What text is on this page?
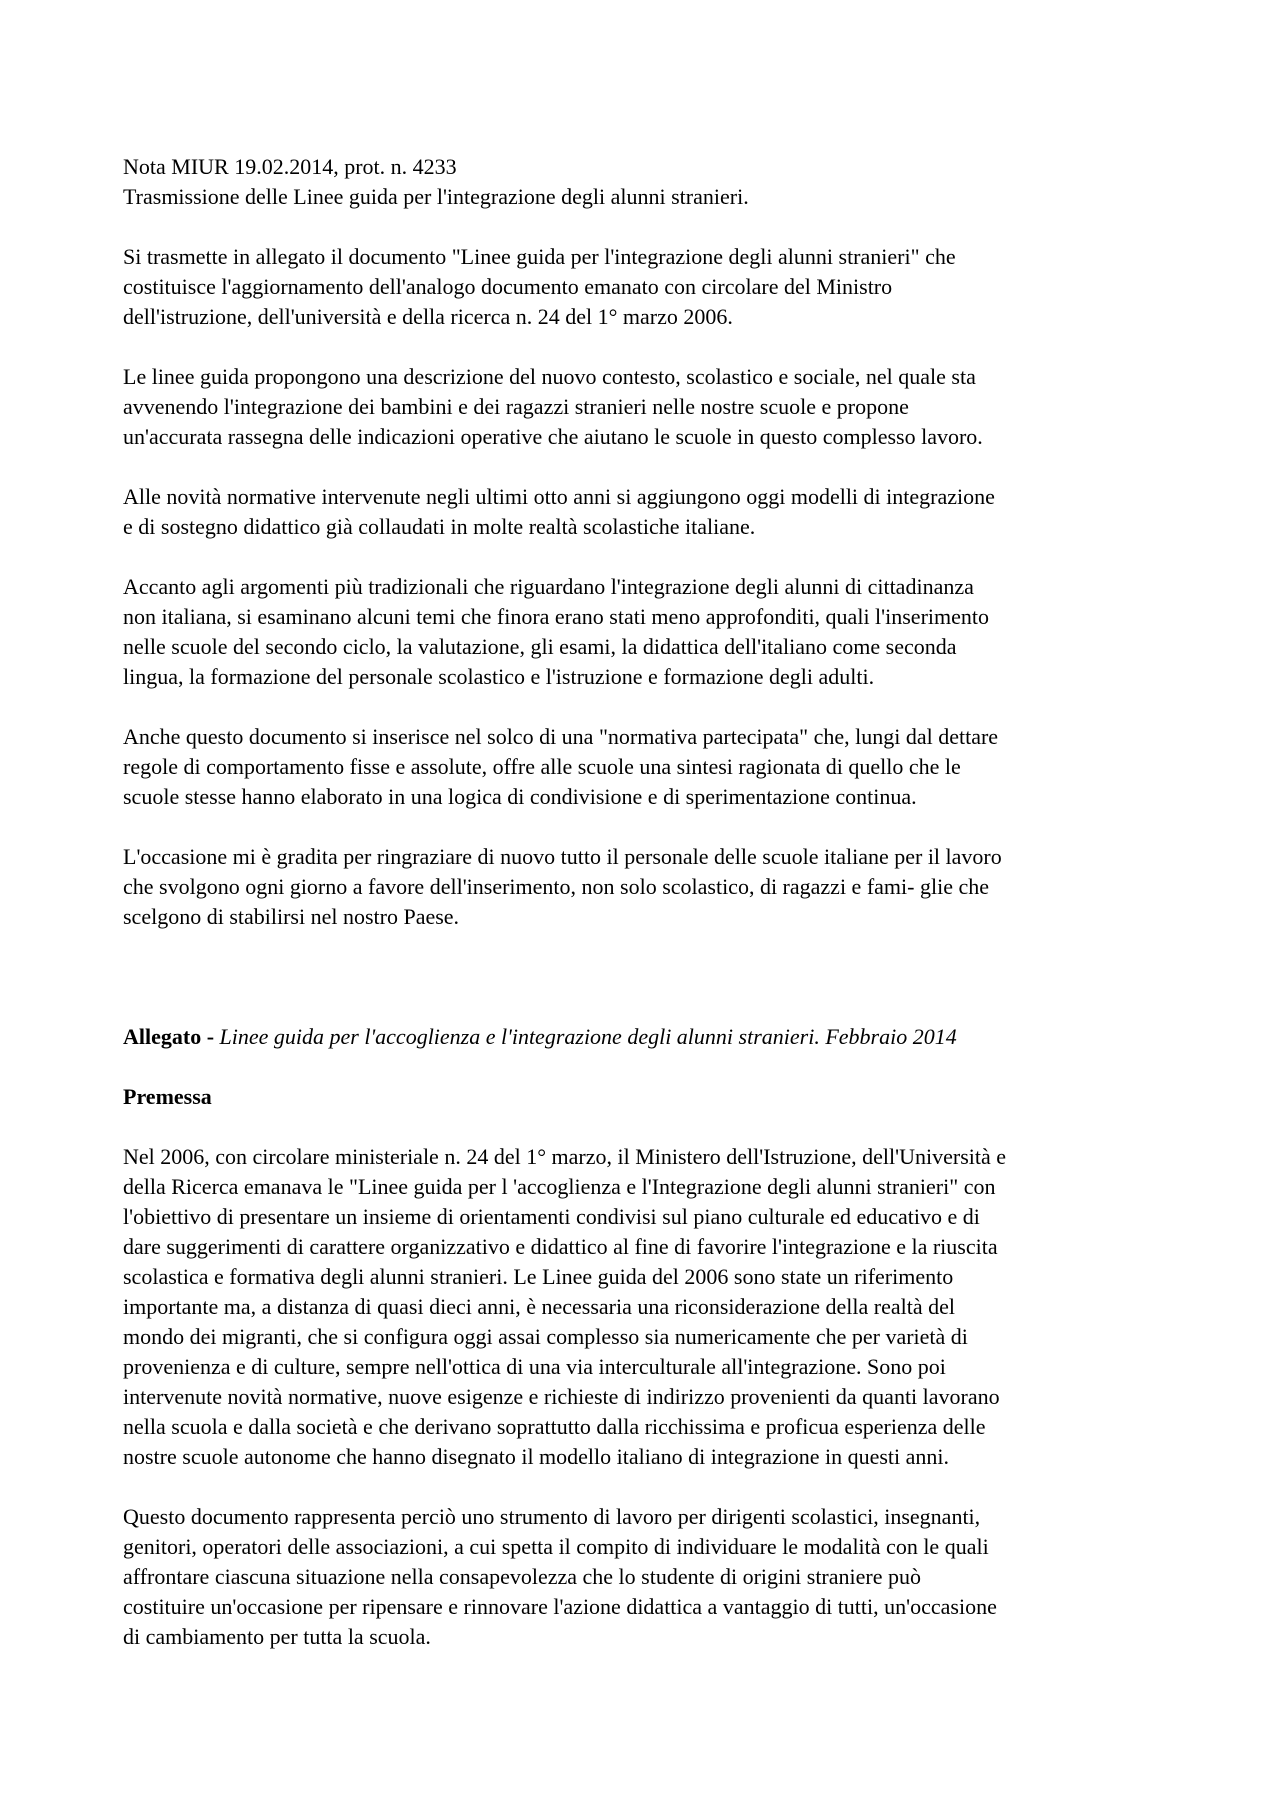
Nota MIUR 19.02.2014, prot. n. 4233
Trasmissione delle Linee guida per l'integrazione degli alunni stranieri.
Si trasmette in allegato il documento "Linee guida per l'integrazione degli alunni stranieri" che
costituisce l'aggiornamento dell'analogo documento emanato con circolare del Ministro
dell'istruzione, dell'università e della ricerca n. 24 del 1° marzo 2006.
Le linee guida propongono una descrizione del nuovo contesto, scolastico e sociale, nel quale sta
avvenendo l'integrazione dei bambini e dei ragazzi stranieri nelle nostre scuole e propone
un'accurata rassegna delle indicazioni operative che aiutano le scuole in questo complesso lavoro.
Alle novità normative intervenute negli ultimi otto anni si aggiungono oggi modelli di integrazione
e di sostegno didattico già collaudati in molte realtà scolastiche italiane.
Accanto agli argomenti più tradizionali che riguardano l'integrazione degli alunni di cittadinanza
non italiana, si esaminano alcuni temi che finora erano stati meno approfonditi, quali l'inserimento
nelle scuole del secondo ciclo, la valutazione, gli esami, la didattica dell'italiano come seconda
lingua, la formazione del personale scolastico e l'istruzione e formazione degli adulti.
Anche questo documento si inserisce nel solco di una "normativa partecipata" che, lungi dal dettare
regole di comportamento fisse e assolute, offre alle scuole una sintesi ragionata di quello che le
scuole stesse hanno elaborato in una logica di condivisione e di sperimentazione continua.
L'occasione mi è gradita per ringraziare di nuovo tutto il personale delle scuole italiane per il lavoro
che svolgono ogni giorno a favore dell'inserimento, non solo scolastico, di ragazzi e fami- glie che
scelgono di stabilirsi nel nostro Paese.
Allegato - Linee guida per l'accoglienza e l'integrazione degli alunni stranieri. Febbraio 2014
Premessa
Nel 2006, con circolare ministeriale n. 24 del 1° marzo, il Ministero dell'Istruzione, dell'Università e
della Ricerca emanava le "Linee guida per l 'accoglienza e l'Integrazione degli alunni stranieri" con
l'obiettivo di presentare un insieme di orientamenti condivisi sul piano culturale ed educativo e di
dare suggerimenti di carattere organizzativo e didattico al fine di favorire l'integrazione e la riuscita
scolastica e formativa degli alunni stranieri. Le Linee guida del 2006 sono state un riferimento
importante ma, a distanza di quasi dieci anni, è necessaria una riconsiderazione della realtà del
mondo dei migranti, che si configura oggi assai complesso sia numericamente che per varietà di
provenienza e di culture, sempre nell'ottica di una via interculturale all'integrazione. Sono poi
intervenute novità normative, nuove esigenze e richieste di indirizzo provenienti da quanti lavorano
nella scuola e dalla società e che derivano soprattutto dalla ricchissima e proficua esperienza delle
nostre scuole autonome che hanno disegnato il modello italiano di integrazione in questi anni.
Questo documento rappresenta perciò uno strumento di lavoro per dirigenti scolastici, insegnanti,
genitori, operatori delle associazioni, a cui spetta il compito di individuare le modalità con le quali
affrontare ciascuna situazione nella consapevolezza che lo studente di origini straniere può
costituire un'occasione per ripensare e rinnovare l'azione didattica a vantaggio di tutti, un'occasione
di cambiamento per tutta la scuola.
